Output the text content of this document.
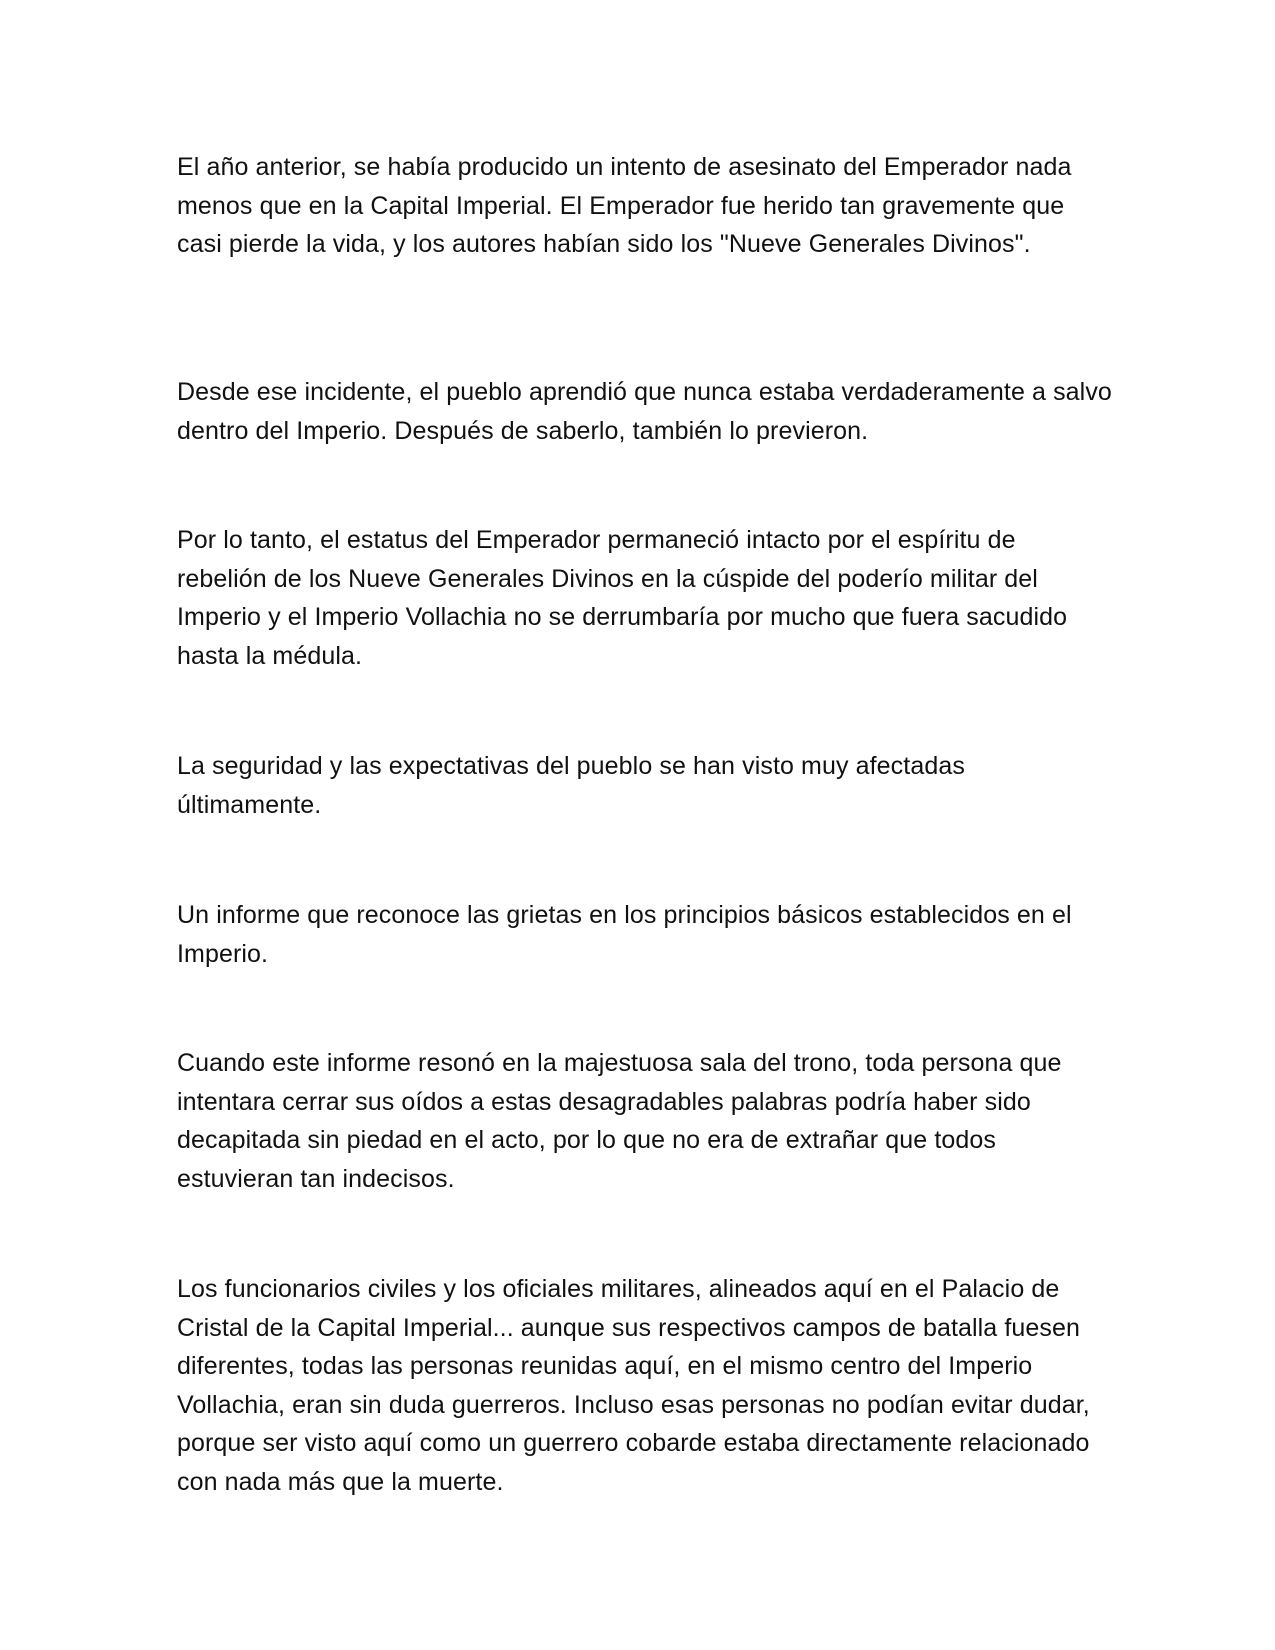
El año anterior, se había producido un intento de asesinato del Emperador nada menos que en la Capital Imperial. El Emperador fue herido tan gravemente que casi pierde la vida, y los autores habían sido los "Nueve Generales Divinos".

Desde ese incidente, el pueblo aprendió que nunca estaba verdaderamente a salvo dentro del Imperio. Después de saberlo, también lo previeron.

Por lo tanto, el estatus del Emperador permaneció intacto por el espíritu de rebelión de los Nueve Generales Divinos en la cúspide del poderío militar del Imperio y el Imperio Vollachia no se derrumbaría por mucho que fuera sacudido hasta la médula.

La seguridad y las expectativas del pueblo se han visto muy afectadas últimamente.

Un informe que reconoce las grietas en los principios básicos establecidos en el Imperio.

Cuando este informe resonó en la majestuosa sala del trono, toda persona que intentara cerrar sus oídos a estas desagradables palabras podría haber sido decapitada sin piedad en el acto, por lo que no era de extrañar que todos estuvieran tan indecisos.

Los funcionarios civiles y los oficiales militares, alineados aquí en el Palacio de Cristal de la Capital Imperial... aunque sus respectivos campos de batalla fuesen diferentes, todas las personas reunidas aquí, en el mismo centro del Imperio Vollachia, eran sin duda guerreros. Incluso esas personas no podían evitar dudar, porque ser visto aquí como un guerrero cobarde estaba directamente relacionado con nada más que la muerte.
